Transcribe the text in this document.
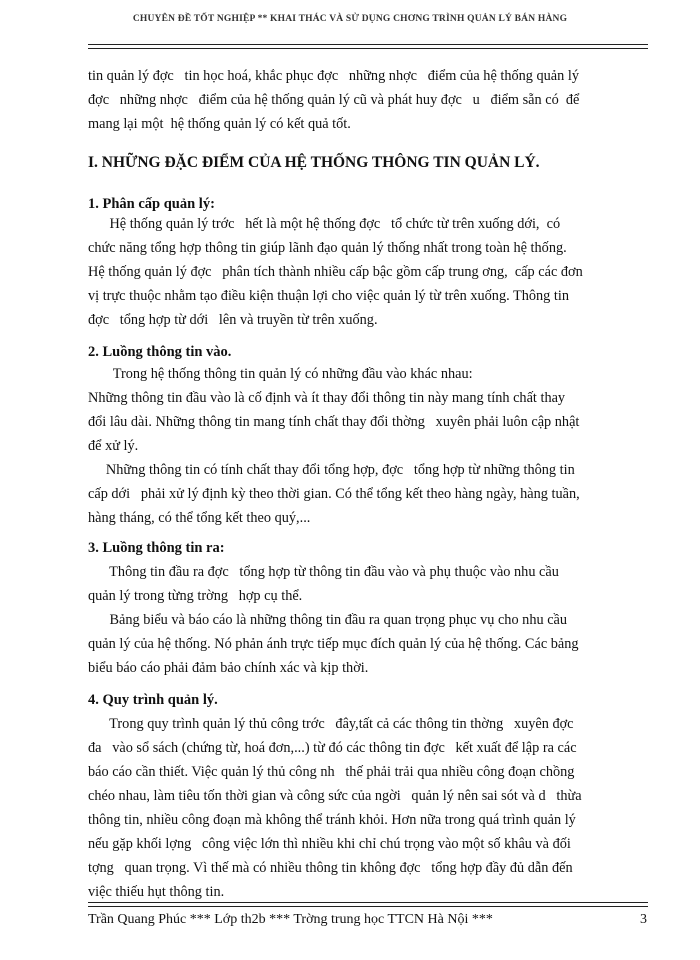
CHUYÊN ĐỀ TỐT NGHIỆP ** KHAI THÁC VÀ SỬ DỤNG CHƠNG TRÌNH QUẢN LÝ BÁN HÀNG
tin quản lý đợc   tin học hoá, khắc phục đợc   những nhợc   điểm của hệ thống quản lý
đợc   những nhợc   điểm của hệ thống quản lý cũ và phát huy đợc   u   điểm sẵn có  để
mang lại một  hệ thống quản lý có kết quả tốt.
I. NHỮNG ĐẶC ĐIỂM CỦA HỆ THỐNG THÔNG TIN QUẢN LÝ.
1. Phân cấp quản lý:
Hệ thống quản lý trớc   hết là một hệ thống đợc   tổ chức từ trên xuống dới,  có
chức năng tổng hợp thông tin giúp lãnh đạo quản lý thống nhất trong toàn hệ thống.
Hệ thống quản lý đợc   phân tích thành nhiều cấp bậc gồm cấp trung ơng,  cấp các đơn
vị trực thuộc nhằm tạo điều kiện thuận lợi cho việc quản lý từ trên xuống. Thông tin
đợc   tổng hợp từ dới   lên và truyền từ trên xuống.
2. Luồng thông tin vào.
Trong hệ thống thông tin quản lý có những đầu vào khác nhau:
Những thông tin đầu vào là cố định và ít thay đổi thông tin này mang tính chất thay
đổi lâu dài. Những thông tin mang tính chất thay đổi thờng   xuyên phải luôn cập nhật
để xử lý.
Những thông tin có tính chất thay đổi tổng hợp, đợc   tổng hợp từ những thông tin
cấp dới   phải xử lý định kỳ theo thời gian. Có thể tổng kết theo hàng ngày, hàng tuần,
hàng tháng, có thể tổng kết theo quý,...
3. Luồng thông tin ra:
Thông tin đầu ra đợc   tổng hợp từ thông tin đầu vào và phụ thuộc vào nhu cầu
quản lý trong từng trờng   hợp cụ thể.
Bảng biểu và báo cáo là những thông tin đầu ra quan trọng phục vụ cho nhu cầu
quản lý của hệ thống. Nó phản ánh trực tiếp mục đích quản lý của hệ thống. Các bảng
biểu báo cáo phải đảm bảo chính xác và kịp thời.
4. Quy trình quản lý.
Trong quy trình quản lý thủ công trớc   đây,tất cả các thông tin thờng   xuyên đợc
đa   vào sổ sách (chứng từ, hoá đơn,...) từ đó các thông tin đợc   kết xuất để lập ra các
báo cáo cần thiết. Việc quản lý thủ công nh   thế phải trải qua nhiều công đoạn chồng
chéo nhau, làm tiêu tốn thời gian và công sức của ngời   quản lý nên sai sót và d   thừa
thông tin, nhiều công đoạn mà không thể tránh khỏi. Hơn nữa trong quá trình quản lý
nếu gặp khối lợng   công việc lớn thì nhiều khi chỉ chú trọng vào một số khâu và đối
tợng   quan trọng. Vì thế mà có nhiều thông tin không đợc   tổng hợp đầy đủ dẫn đến
việc thiếu hụt thông tin.
Trần Quang Phúc *** Lớp th2b *** Trờng trung học TTCN Hà Nội ***	3
